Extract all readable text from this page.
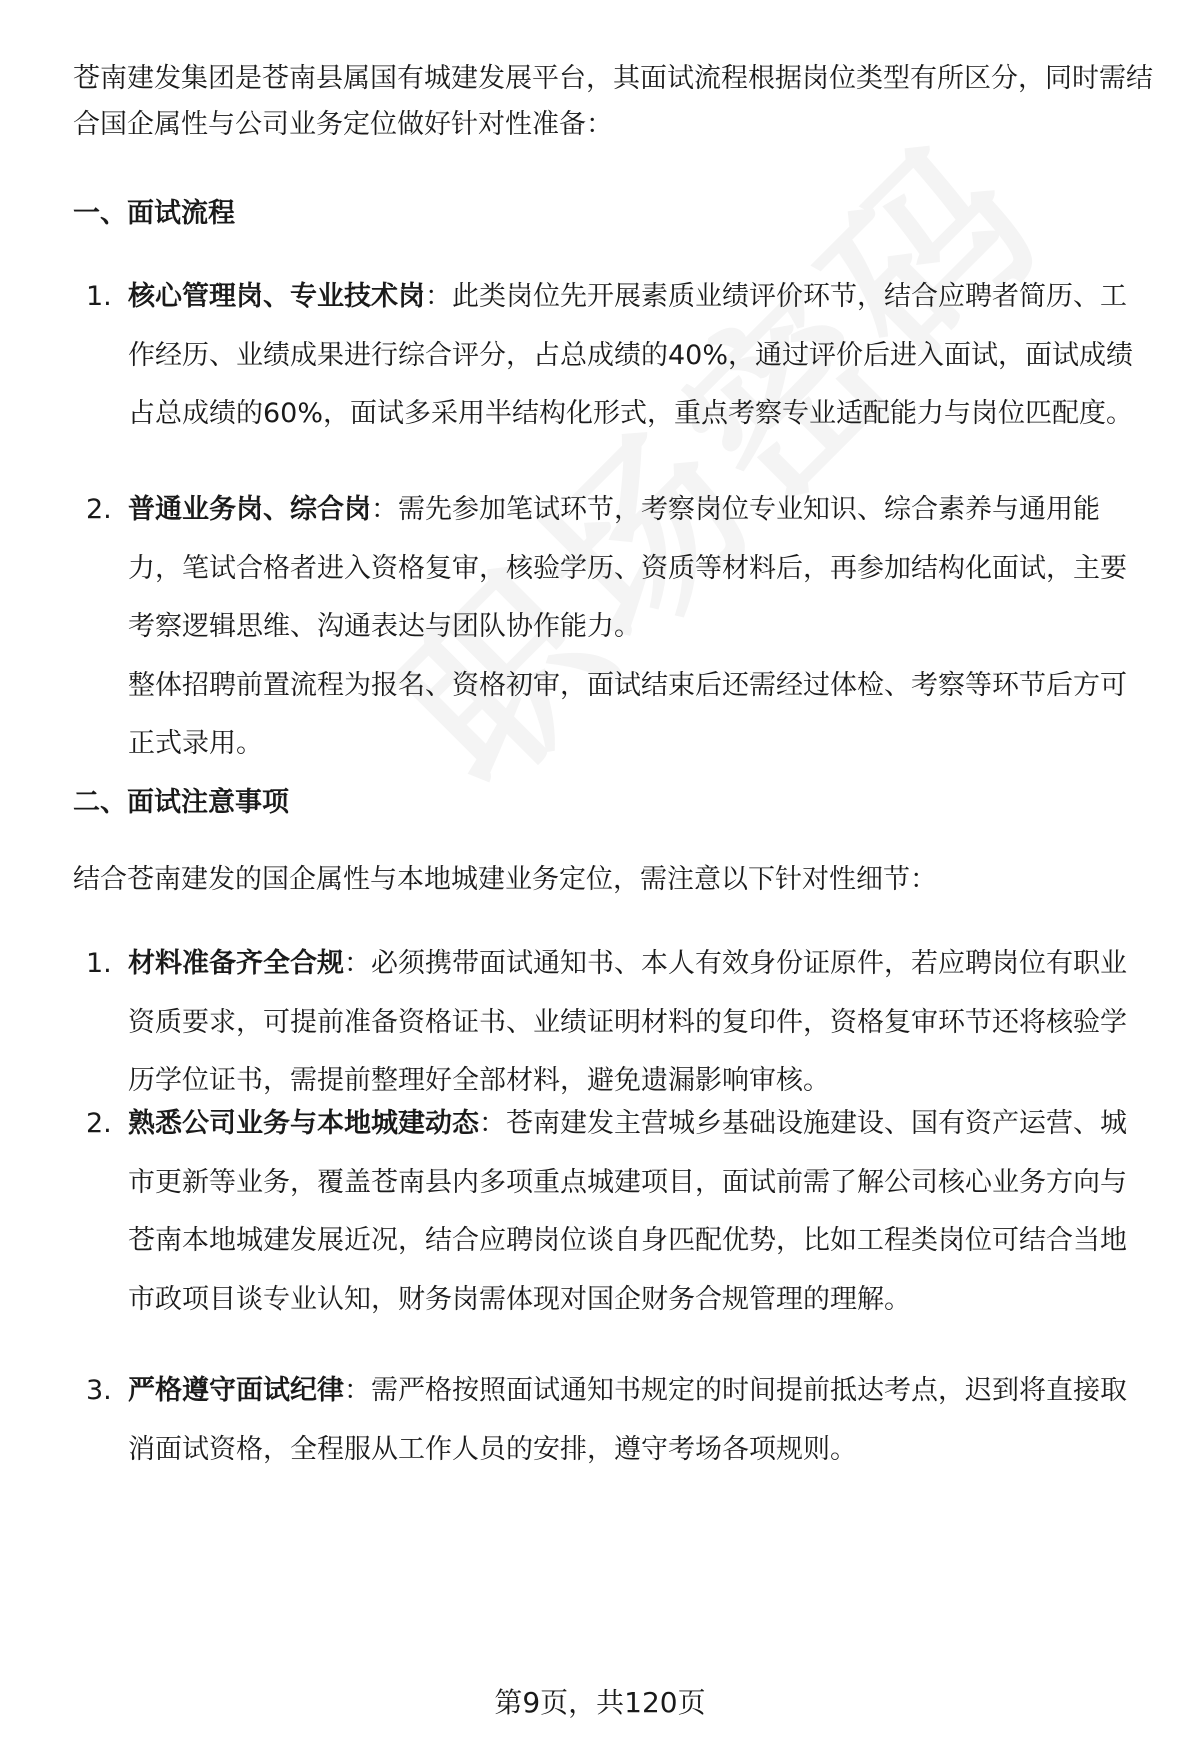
苍南建发集团是苍南县属国有城建发展平台，其面试流程根据岗位类型有所区分，同时需结合国企属性与公司业务定位做好针对性准备：

一、面试流程
1. 核心管理岗、专业技术岗：此类岗位先开展素质业绩评价环节，结合应聘者简历、工作经历、业绩成果进行综合评分，占总成绩的40%，通过评价后进入面试，面试成绩占总成绩的60%，面试多采用半结构化形式，重点考察专业适配能力与岗位匹配度。
2. 普通业务岗、综合岗：需先参加笔试环节，考察岗位专业知识、综合素养与通用能力，笔试合格者进入资格复审，核验学历、资质等材料后，再参加结构化面试，主要考察逻辑思维、沟通表达与团队协作能力。
整体招聘前置流程为报名、资格初审，面试结束后还需经过体检、考察等环节后方可正式录用。
二、面试注意事项

结合苍南建发的国企属性与本地城建业务定位，需注意以下针对性细节：

1. 材料准备齐全合规：必须携带面试通知书、本人有效身份证原件，若应聘岗位有职业资质要求，可提前准备资格证书、业绩证明材料的复印件，资格复审环节还将核验学历学位证书，需提前整理好全部材料，避免遗漏影响审核。
2. 熟悉公司业务与本地城建动态：苍南建发主营城乡基础设施建设、国有资产运营、城市更新等业务，覆盖苍南县内多项重点城建项目，面试前需了解公司核心业务方向与苍南本地城建发展近况，结合应聘岗位谈自身匹配优势，比如工程类岗位可结合当地市政项目谈专业认知，财务岗需体现对国企财务合规管理的理解。
3. 严格遵守面试纪律：需严格按照面试通知书规定的时间提前抵达考点，迟到将直接取消面试资格，全程服从工作人员的安排，遵守考场各项规则。
第9页，共120页
